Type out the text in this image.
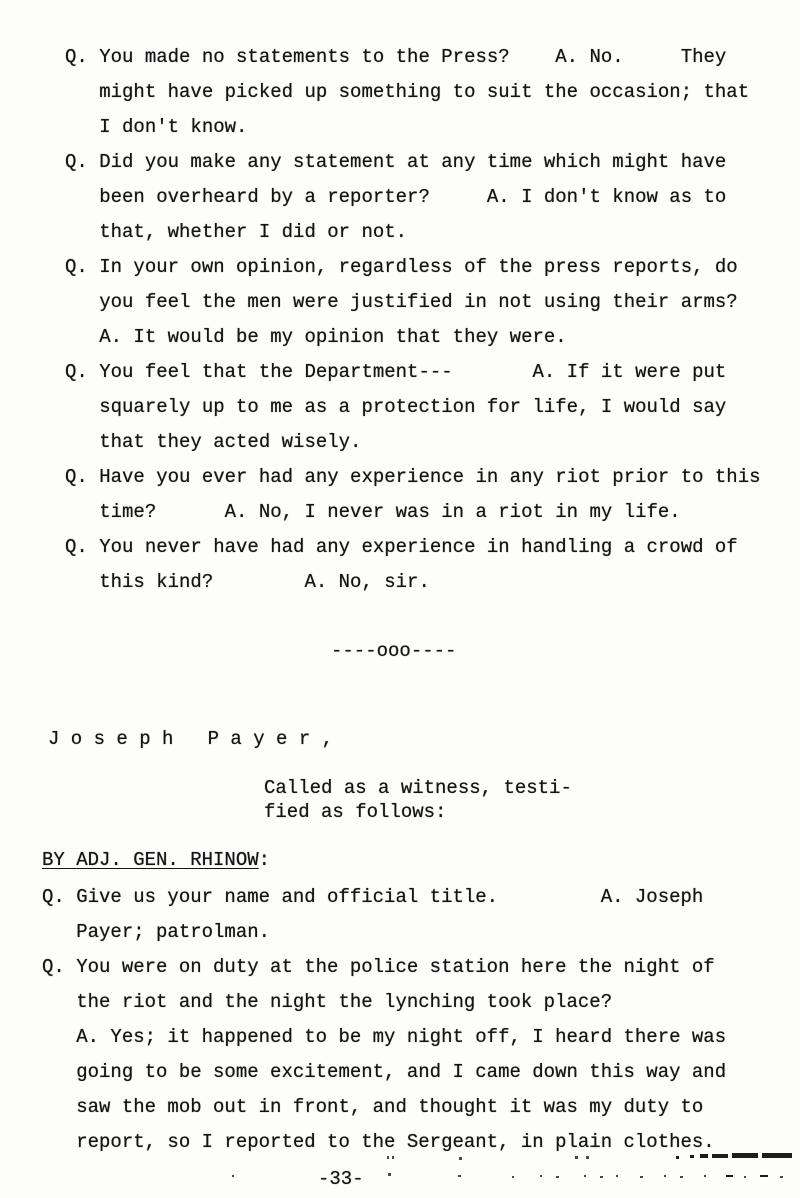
Q. You made no statements to the Press?    A. No.     They
might have picked up something to suit the occasion; that
I don't know.
Q. Did you make any statement at any time which might have
been overheard by a reporter?     A. I don't know as to
that, whether I did or not.
Q. In your own opinion, regardless of the press reports, do
you feel the men were justified in not using their arms?
A. It would be my opinion that they were.
Q. You feel that the Department---       A. If it were put
squarely up to me as a protection for life, I would say
that they acted wisely.
Q. Have you ever had any experience in any riot prior to this
time?      A. No, I never was in a riot in my life.
Q. You never have had any experience in handling a crowd of
this kind?        A. No, sir.
----ooo----
J o s e p h   P a y e r ,
Called as a witness, testi-
fied as follows:
BY ADJ. GEN. RHINOW:
Q. Give us your name and official title.         A. Joseph
Payer; patrolman.
Q. You were on duty at the police station here the night of
the riot and the night the lynching took place?
A. Yes; it happened to be my night off, I heard there was
going to be some excitement, and I came down this way and
saw the mob out in front, and thought it was my duty to
report, so I reported to the Sergeant, in plain clothes.
-33-
